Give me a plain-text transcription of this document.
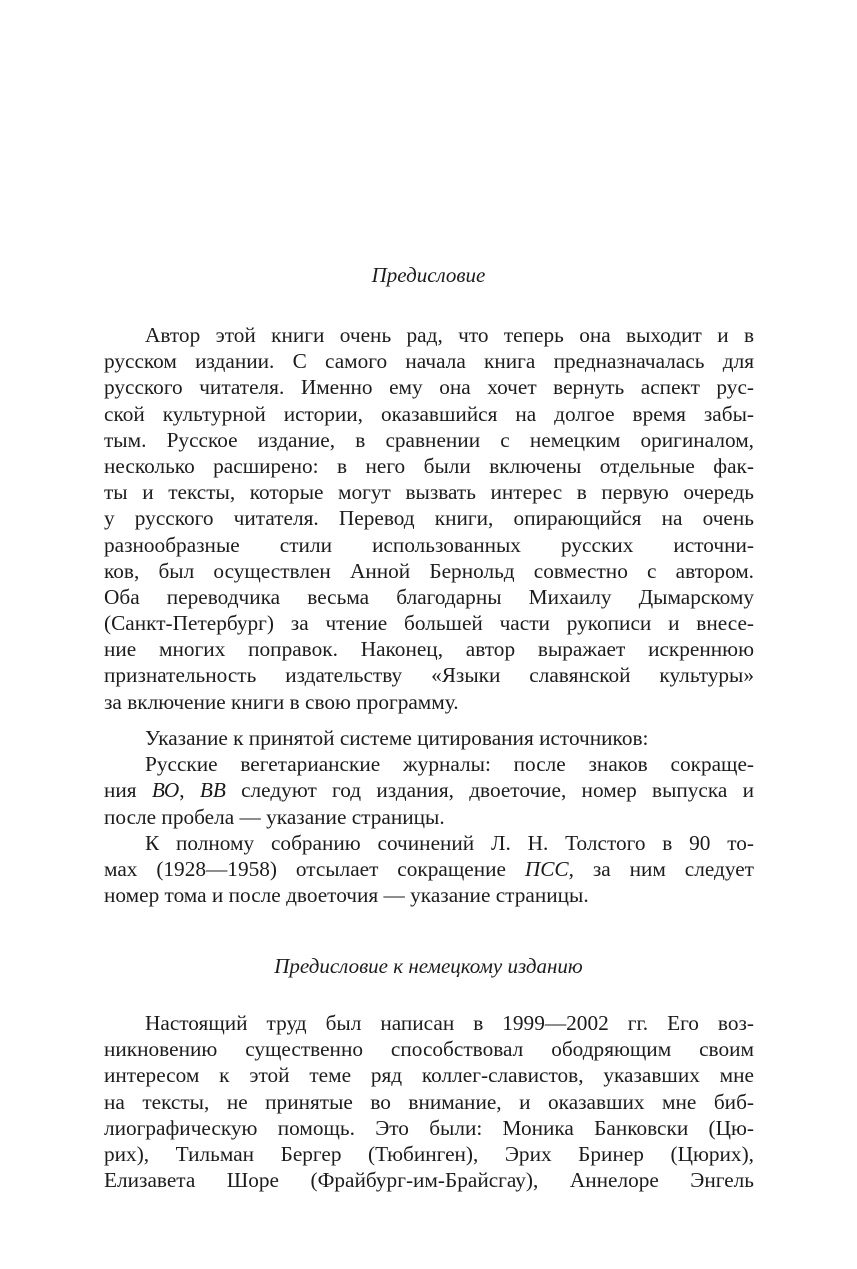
Предисловие
Автор этой книги очень рад, что теперь она выходит и в
русском издании. С самого начала книга предназначалась для
русского читателя. Именно ему она хочет вернуть аспект рус-
ской культурной истории, оказавшийся на долгое время забы-
тым. Русское издание, в сравнении с немецким оригиналом,
несколько расширено: в него были включены отдельные фак-
ты и тексты, которые могут вызвать интерес в первую очередь
у русского читателя. Перевод книги, опирающийся на очень
разнообразные стили использованных русских источни-
ков, был осуществлен Анной Бернольд совместно с автором.
Оба переводчика весьма благодарны Михаилу Дымарскому
(Санкт-Петербург) за чтение большей части рукописи и внесе-
ние многих поправок. Наконец, автор выражает искреннюю
признательность издательству «Языки славянской культуры»
за включение книги в свою программу.
Указание к принятой системе цитирования источников:
Русские вегетарианские журналы: после знаков сокраще-
ния ВО, ВВ следуют год издания, двоеточие, номер выпуска и
после пробела — указание страницы.
К полному собранию сочинений Л. Н. Толстого в 90 то-
мах (1928—1958) отсылает сокращение ПСС, за ним следует
номер тома и после двоеточия — указание страницы.
Предисловие к немецкому изданию
Настоящий труд был написан в 1999—2002 гг. Его воз-
никновению существенно способствовал ободряющим своим
интересом к этой теме ряд коллег-славистов, указавших мне
на тексты, не принятые во внимание, и оказавших мне биб-
лиографическую помощь. Это были: Моника Банковски (Цю-
рих), Тильман Бергер (Тюбинген), Эрих Бринер (Цюрих),
Елизавета Шоре (Фрайбург-им-Брайсгау), Аннелоре Энгель
